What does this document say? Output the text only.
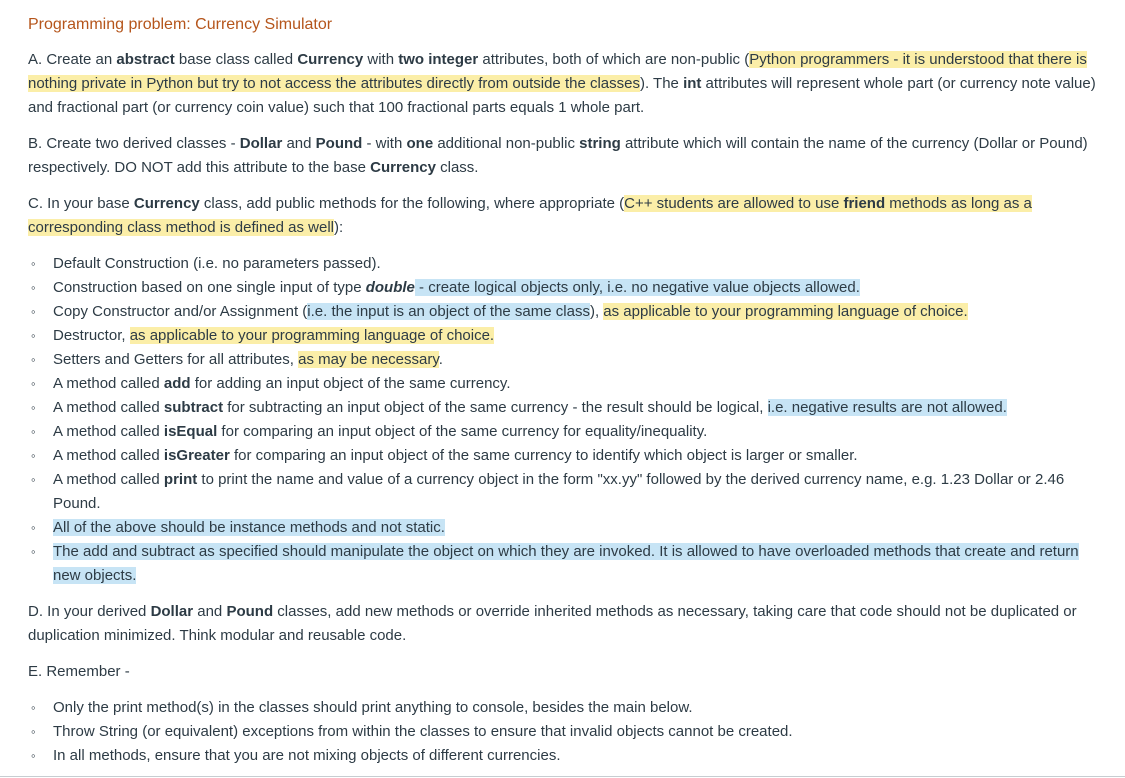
Programming problem: Currency Simulator

A. Create an abstract base class called Currency with two integer attributes, both of which are non-public (Python programmers - it is understood that there is nothing private in Python but try to not access the attributes directly from outside the classes). The int attributes will represent whole part (or currency note value) and fractional part (or currency coin value) such that 100 fractional parts equals 1 whole part.

B. Create two derived classes - Dollar and Pound - with one additional non-public string attribute which will contain the name of the currency (Dollar or Pound) respectively. DO NOT add this attribute to the base Currency class.

C. In your base Currency class, add public methods for the following, where appropriate (C++ students are allowed to use friend methods as long as a corresponding class method is defined as well):

◦ Default Construction (i.e. no parameters passed).
◦ Construction based on one single input of type double - create logical objects only, i.e. no negative value objects allowed.
◦ Copy Constructor and/or Assignment (i.e. the input is an object of the same class), as applicable to your programming language of choice.
◦ Destructor, as applicable to your programming language of choice.
◦ Setters and Getters for all attributes, as may be necessary.
◦ A method called add for adding an input object of the same currency.
◦ A method called subtract for subtracting an input object of the same currency - the result should be logical, i.e. negative results are not allowed.
◦ A method called isEqual for comparing an input object of the same currency for equality/inequality.
◦ A method called isGreater for comparing an input object of the same currency to identify which object is larger or smaller.
◦ A method called print to print the name and value of a currency object in the form "xx.yy" followed by the derived currency name, e.g. 1.23 Dollar or 2.46 Pound.
◦ All of the above should be instance methods and not static.
◦ The add and subtract as specified should manipulate the object on which they are invoked. It is allowed to have overloaded methods that create and return new objects.

D. In your derived Dollar and Pound classes, add new methods or override inherited methods as necessary, taking care that code should not be duplicated or duplication minimized. Think modular and reusable code.

E. Remember -

◦ Only the print method(s) in the classes should print anything to console, besides the main below.
◦ Throw String (or equivalent) exceptions from within the classes to ensure that invalid objects cannot be created.
◦ In all methods, ensure that you are not mixing objects of different currencies.
